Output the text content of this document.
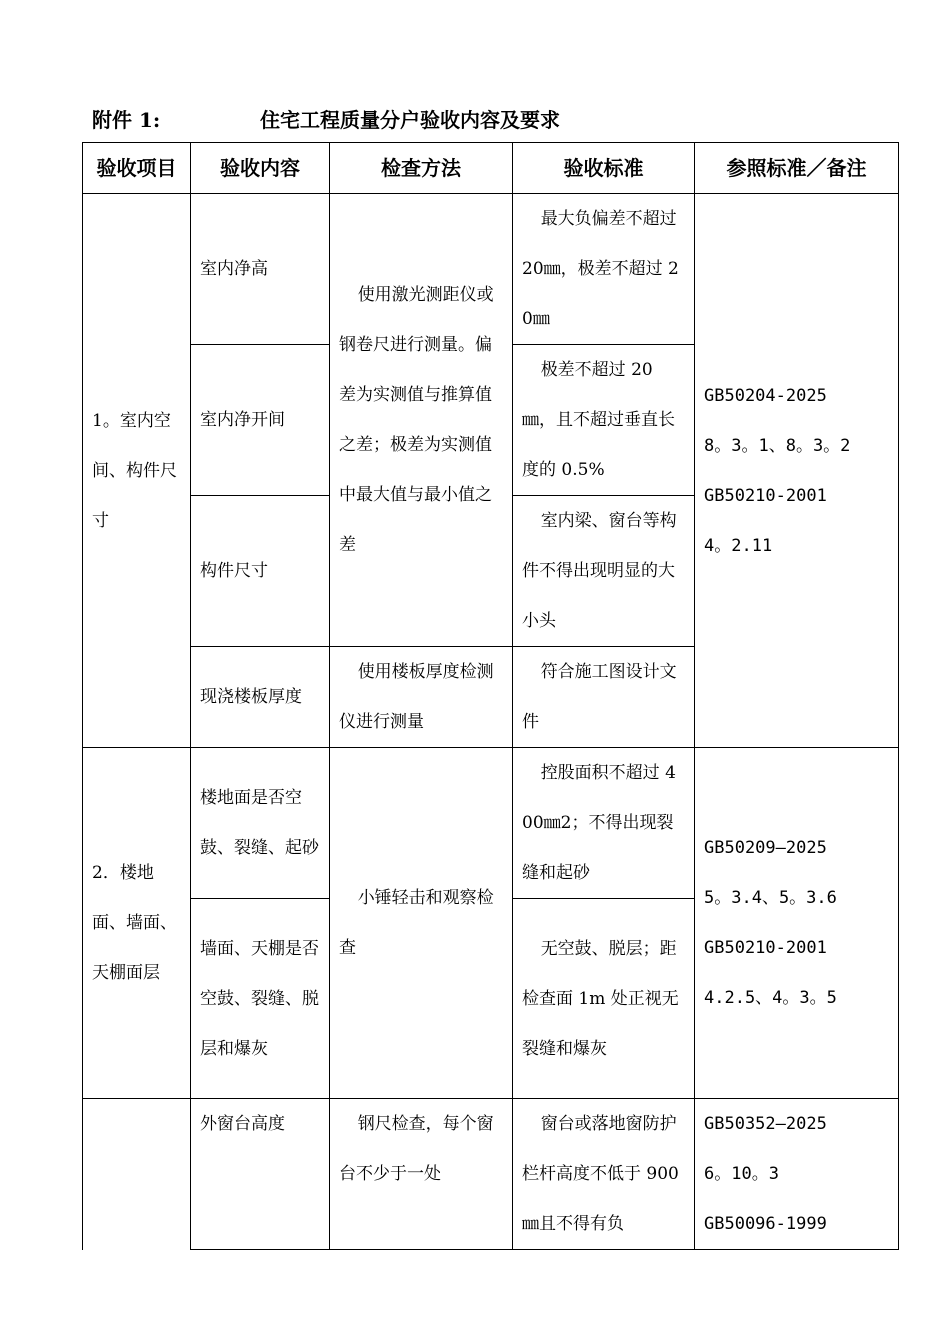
附件 1:	住宅工程质量分户验收内容及要求
验收项目	验收内容	检查方法	验收标准	参照标准／备注
1。室内空间、构件尺寸	室内净高	使用激光测距仪或钢卷尺进行测量。偏差为实测值与推算值之差；极差为实测值中最大值与最小值之差	最大负偏差不超过 20㎜，极差不超过 20㎜	GB50204-2025
8。3。1、8。3。2
GB50210-2001
4。2.11

	室内净开间		极差不超过 20㎜，且不超过垂直长度的 0.5%	

	构件尺寸		室内梁、窗台等构件不得出现明显的大小头	

	现浇楼板厚度	使用楼板厚度检测仪进行测量	符合施工图设计文件	

2．楼地面、墙面、天棚面层	楼地面是否空鼓、裂缝、起砂	小锤轻击和观察检查	控股面积不超过 400㎜2；不得出现裂缝和起砂	GB50209—2025
5。3.4、5。3.6
GB50210-2001
4.2.5、4。3。5

	墙面、天棚是否空鼓、裂缝、脱层和爆灰		无空鼓、脱层；距检查面 1m 处正视无裂缝和爆灰	

	外窗台高度	钢尺检查，每个窗台不少于一处	窗台或落地窗防护栏杆高度不低于 900㎜且不得有负	GB50352—2025
6。10。3
GB50096-1999
